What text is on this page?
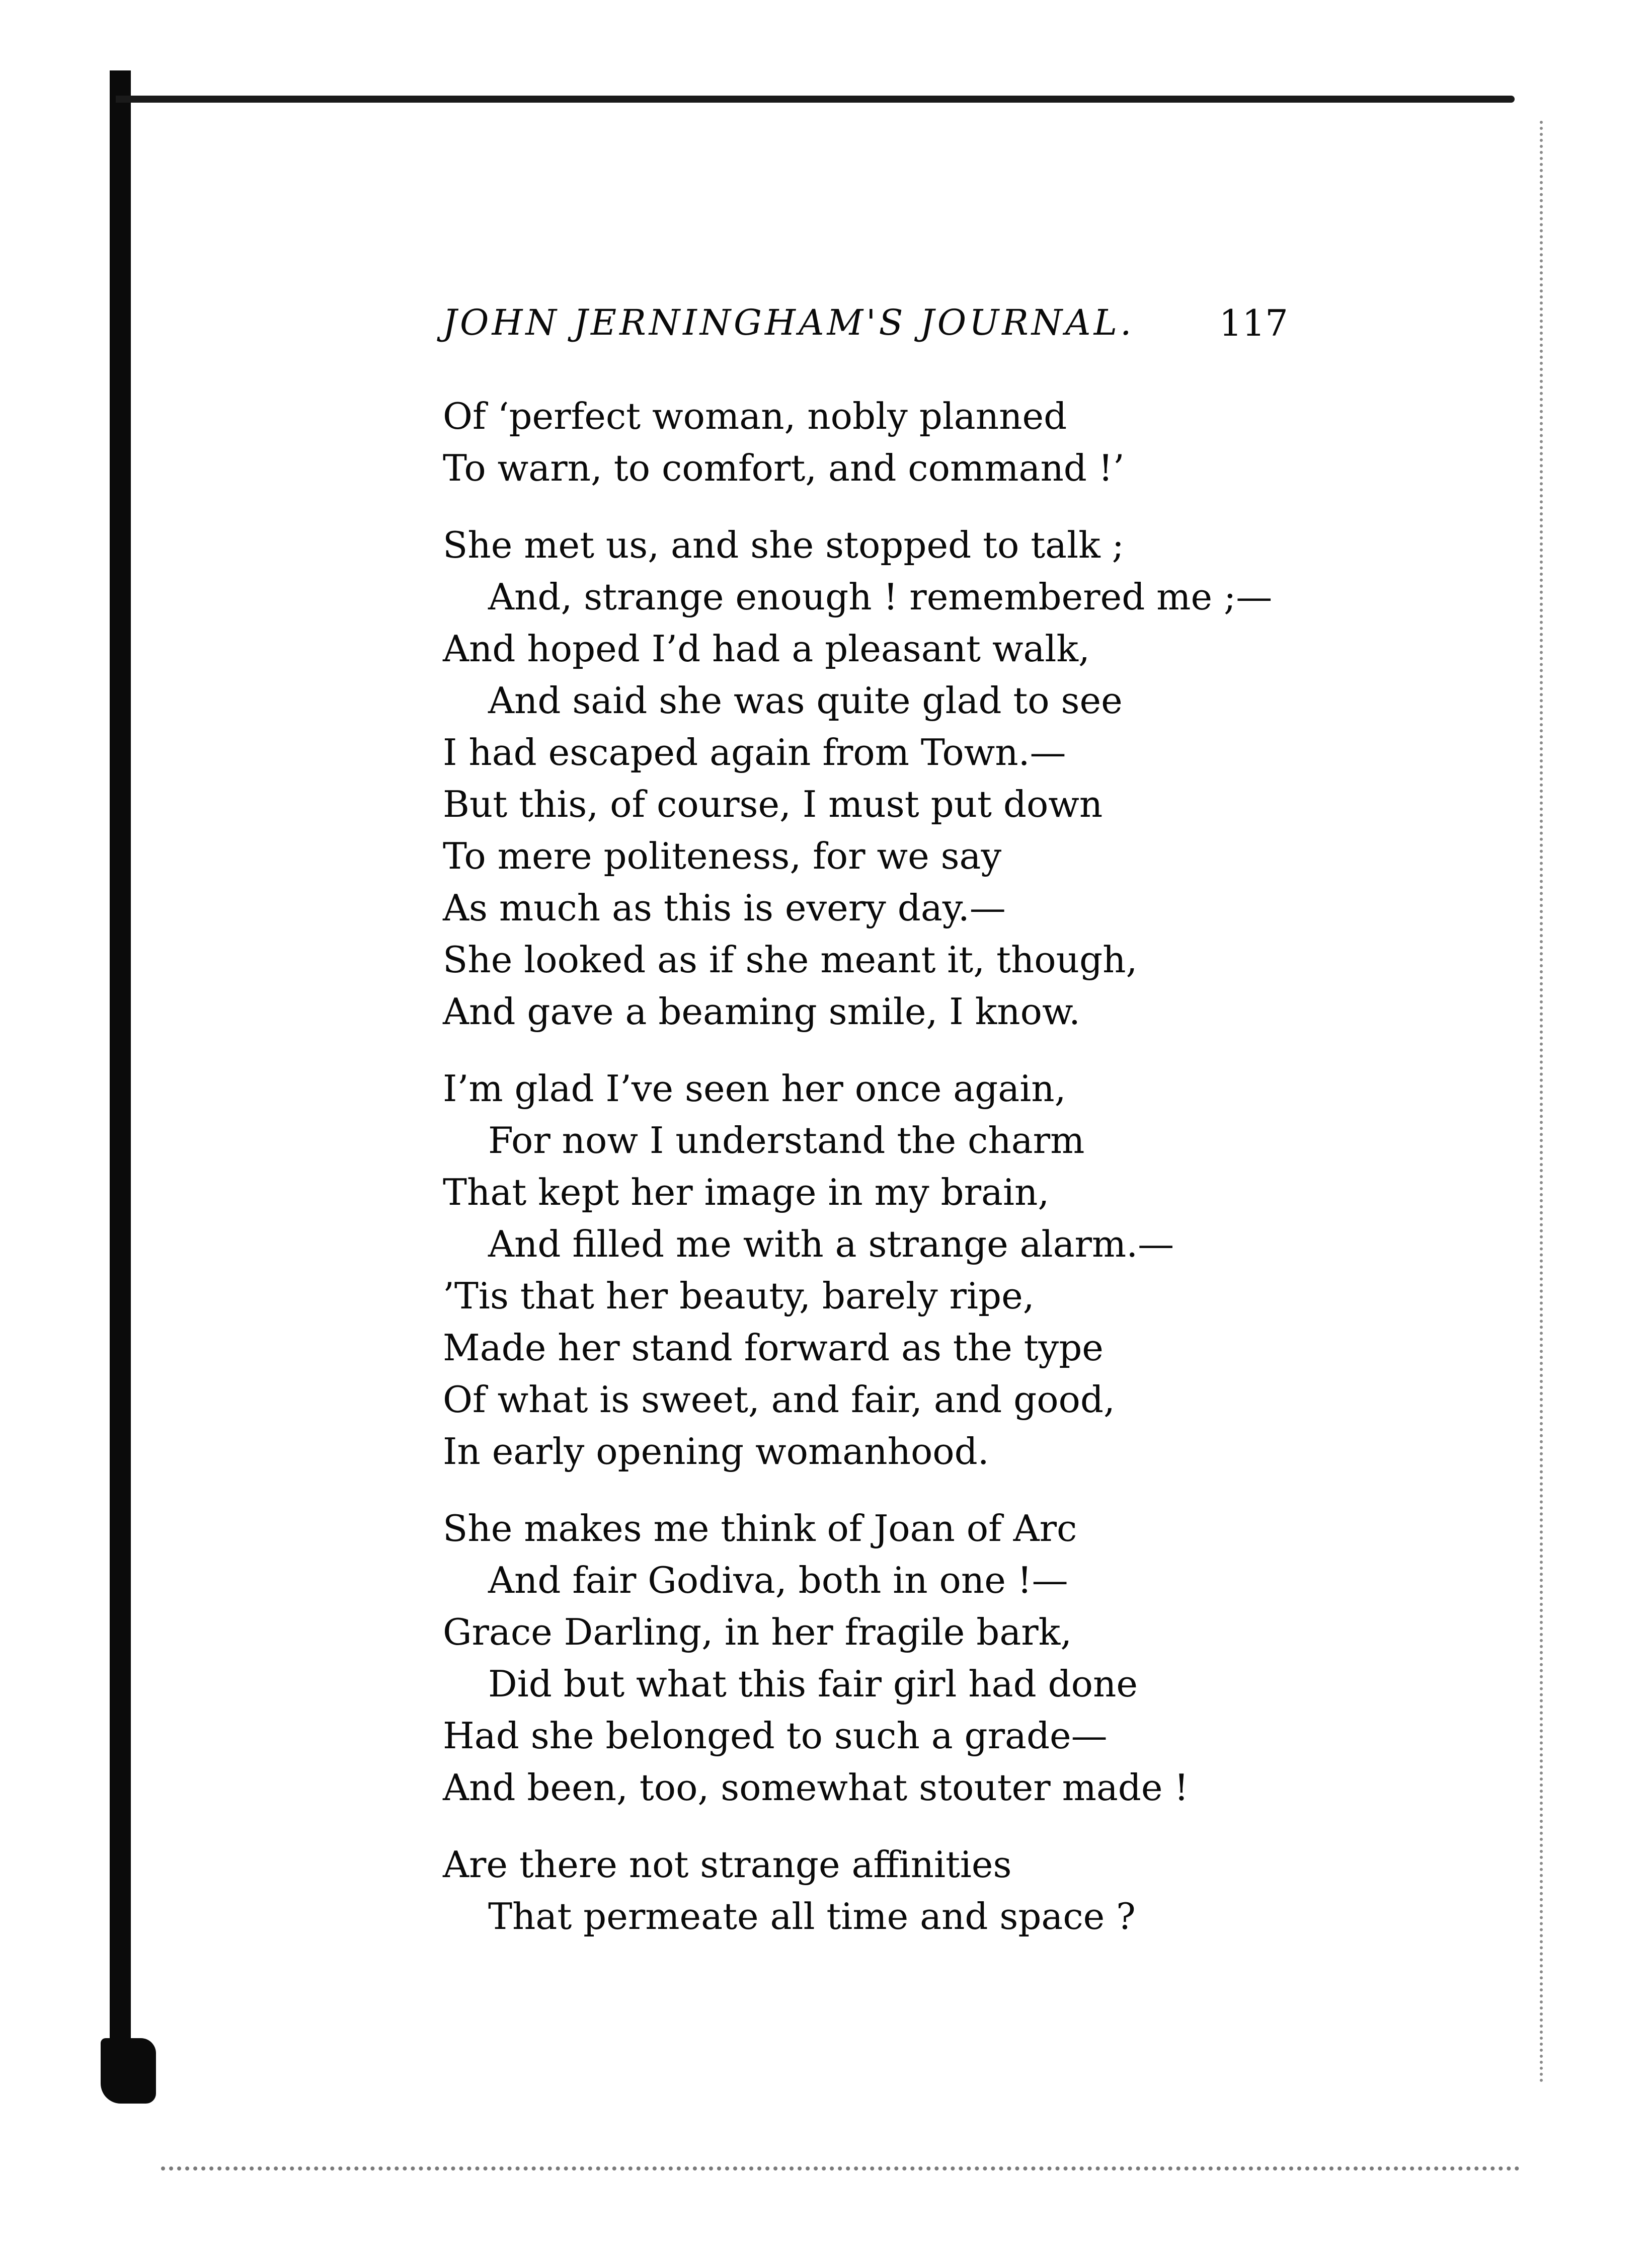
JOHN JERNINGHAM'S JOURNAL. 117
Of ‘perfect woman, nobly planned
To warn, to comfort, and command !’
She met us, and she stopped to talk ;
And, strange enough ! remembered me ;—
And hoped I’d had a pleasant walk,
And said she was quite glad to see
I had escaped again from Town.—
But this, of course, I must put down
To mere politeness, for we say
As much as this is every day.—
She looked as if she meant it, though,
And gave a beaming smile, I know.
I’m glad I’ve seen her once again,
For now I understand the charm
That kept her image in my brain,
And filled me with a strange alarm.—
’Tis that her beauty, barely ripe,
Made her stand forward as the type
Of what is sweet, and fair, and good,
In early opening womanhood.
She makes me think of Joan of Arc
And fair Godiva, both in one !—
Grace Darling, in her fragile bark,
Did but what this fair girl had done
Had she belonged to such a grade—
And been, too, somewhat stouter made !
Are there not strange affinities
That permeate all time and space ?
